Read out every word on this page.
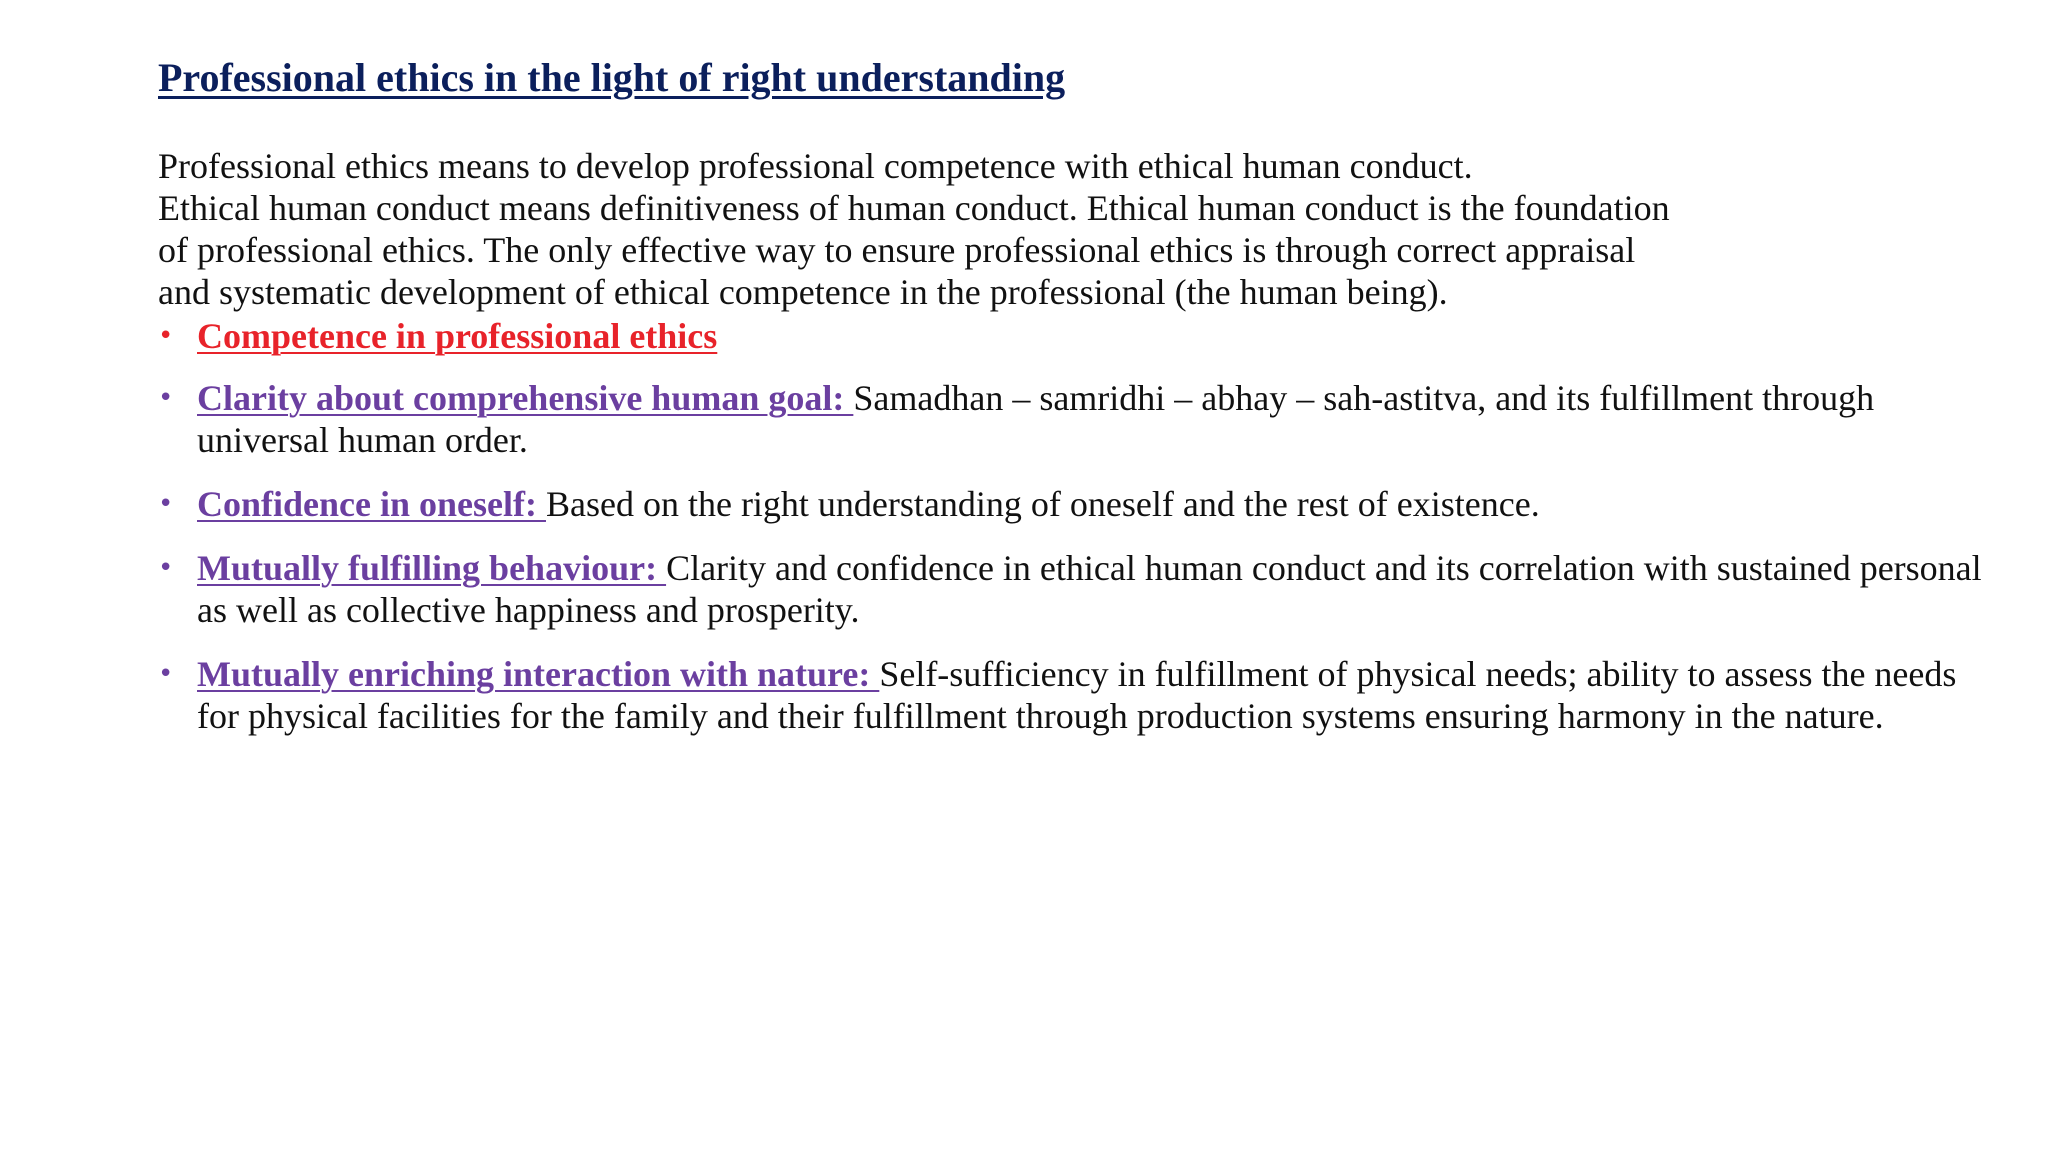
Professional ethics in the light of right understanding
Professional ethics means to develop professional competence with ethical human conduct.
Ethical human conduct means definitiveness of human conduct. Ethical human conduct is the foundation
of professional ethics. The only effective way to ensure professional ethics is through correct appraisal
and systematic development of ethical competence in the professional (the human being).
• Competence in professional ethics
• Clarity about comprehensive human goal: Samadhan – samridhi – abhay – sah-astitva, and its fulfillment through universal human order.
• Confidence in oneself: Based on the right understanding of oneself and the rest of existence.
• Mutually fulfilling behaviour: Clarity and confidence in ethical human conduct and its correlation with sustained personal as well as collective happiness and prosperity.
• Mutually enriching interaction with nature: Self-sufficiency in fulfillment of physical needs; ability to assess the needs for physical facilities for the family and their fulfillment through production systems ensuring harmony in the nature.
